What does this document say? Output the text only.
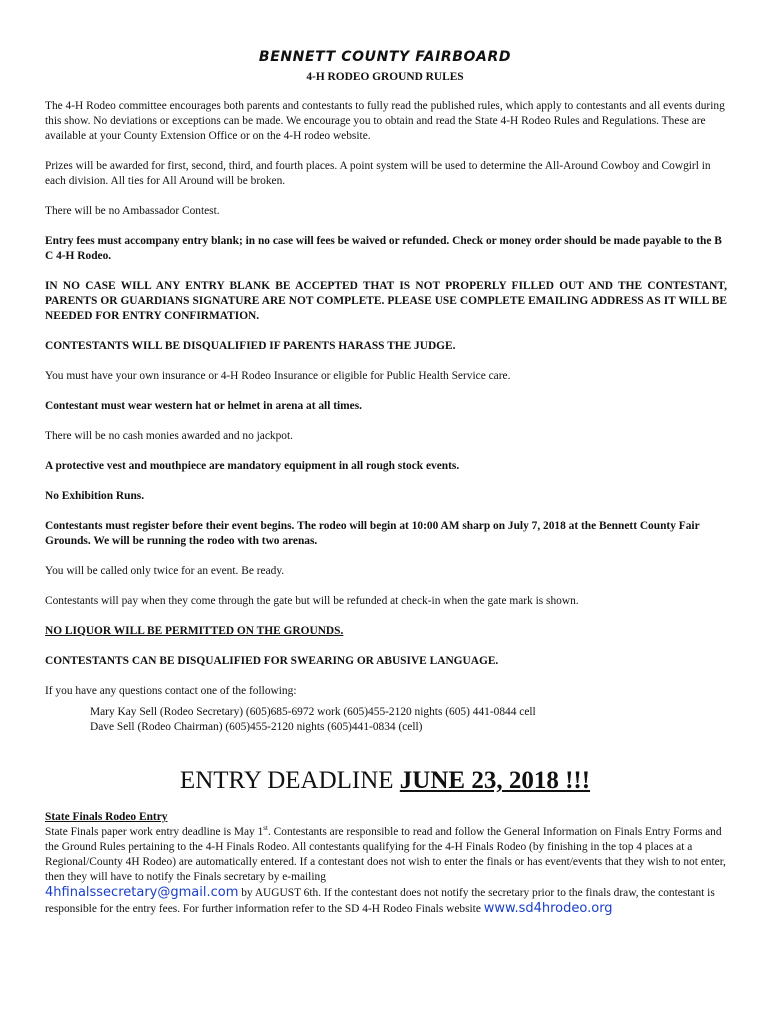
BENNETT COUNTY FAIRBOARD
4-H RODEO GROUND RULES
The 4-H Rodeo committee encourages both parents and contestants to fully read the published rules, which apply to contestants and all events during this show. No deviations or exceptions can be made. We encourage you to obtain and read the State 4-H Rodeo Rules and Regulations. These are available at your County Extension Office or on the 4-H rodeo website.
Prizes will be awarded for first, second, third, and fourth places. A point system will be used to determine the All-Around Cowboy and Cowgirl in each division. All ties for All Around will be broken.
There will be no Ambassador Contest.
Entry fees must accompany entry blank; in no case will fees be waived or refunded. Check or money order should be made payable to the B C 4-H Rodeo.
IN NO CASE WILL ANY ENTRY BLANK BE ACCEPTED THAT IS NOT PROPERLY FILLED OUT AND THE CONTESTANT, PARENTS OR GUARDIANS SIGNATURE ARE NOT COMPLETE. PLEASE USE COMPLETE EMAILING ADDRESS AS IT WILL BE NEEDED FOR ENTRY CONFIRMATION.
CONTESTANTS WILL BE DISQUALIFIED IF PARENTS HARASS THE JUDGE.
You must have your own insurance or 4-H Rodeo Insurance or eligible for Public Health Service care.
Contestant must wear western hat or helmet in arena at all times.
There will be no cash monies awarded and no jackpot.
A protective vest and mouthpiece are mandatory equipment in all rough stock events.
No Exhibition Runs.
Contestants must register before their event begins. The rodeo will begin at 10:00 AM sharp on July 7, 2018 at the Bennett County Fair Grounds. We will be running the rodeo with two arenas.
You will be called only twice for an event. Be ready.
Contestants will pay when they come through the gate but will be refunded at check-in when the gate mark is shown.
NO LIQUOR WILL BE PERMITTED ON THE GROUNDS.
CONTESTANTS CAN BE DISQUALIFIED FOR SWEARING OR ABUSIVE LANGUAGE.
If you have any questions contact one of the following:
Mary Kay Sell (Rodeo Secretary) (605)685-6972 work (605)455-2120 nights (605) 441-0844 cell
Dave Sell (Rodeo Chairman) (605)455-2120 nights (605)441-0834 (cell)
ENTRY DEADLINE JUNE 23, 2018 !!!
State Finals Rodeo Entry
State Finals paper work entry deadline is May 1st. Contestants are responsible to read and follow the General Information on Finals Entry Forms and the Ground Rules pertaining to the 4-H Finals Rodeo. All contestants qualifying for the 4-H Finals Rodeo (by finishing in the top 4 places at a Regional/County 4H Rodeo) are automatically entered. If a contestant does not wish to enter the finals or has event/events that they wish to not enter, then they will have to notify the Finals secretary by e-mailing
4hfinalssecretary@gmail.com by AUGUST 6th. If the contestant does not notify the secretary prior to the finals draw, the contestant is
responsible for the entry fees. For further information refer to the SD 4-H Rodeo Finals website www.sd4hrodeo.org
